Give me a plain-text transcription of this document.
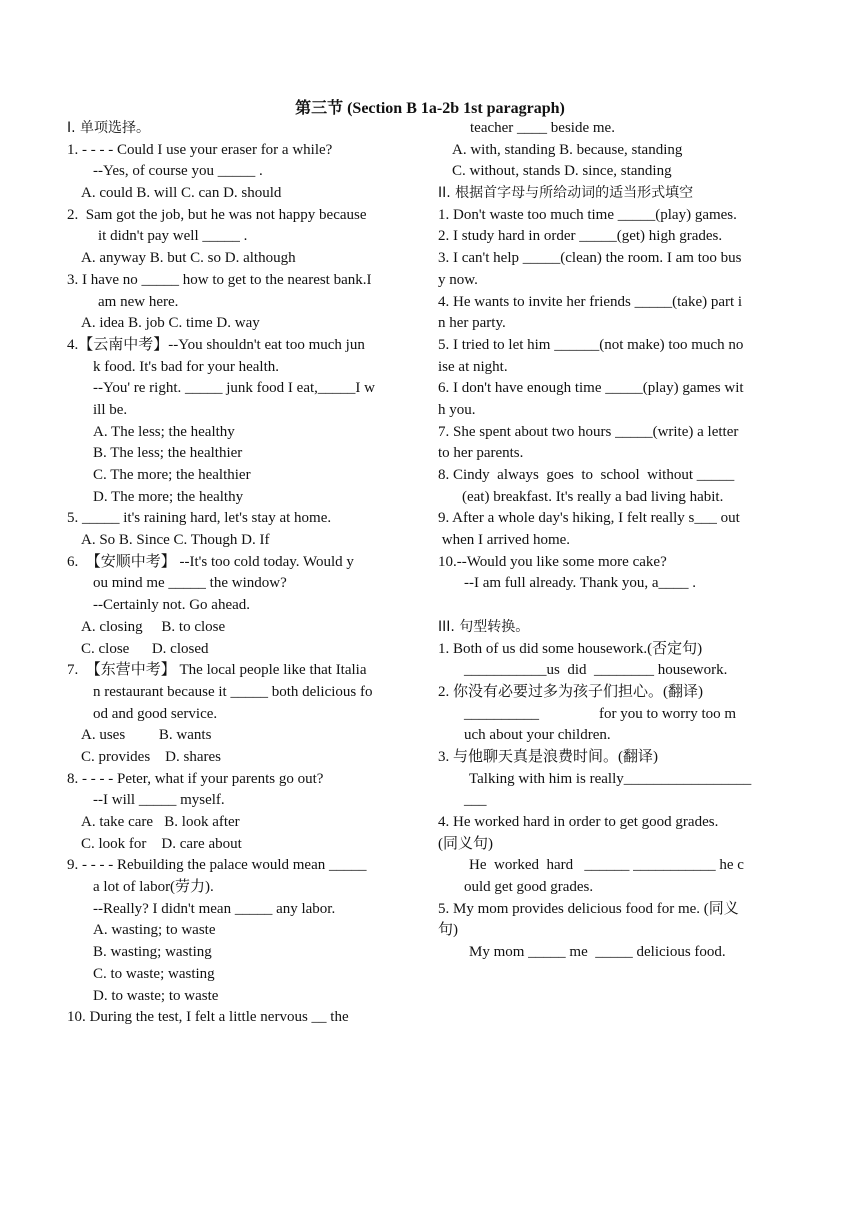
第三节 (Section B 1a-2b 1st paragraph)
I. 单项选择。
1. - - - - Could I use your eraser for a while?
--Yes, of course you _____ .
A. could B. will C. can D. should
2.  Sam got the job, but he was not happy because
it didn't pay well _____ .
A. anyway B. but C. so D. although
3. I have no _____ how to get to the nearest bank.I
am new here.
A. idea B. job C. time D. way
4.【云南中考】--You shouldn't eat too much jun
k food. It's bad for your health.
--You' re right. _____ junk food I eat,_____I w
ill be.
A. The less; the healthy
B. The less; the healthier
C. The more; the healthier
D. The more; the healthy
5. _____ it's raining hard, let's stay at home.
A. So B. Since C. Though D. If
6.  【安顺中考】 --It's too cold today. Would y
ou mind me _____ the window?
--Certainly not. Go ahead.
A. closing     B. to close
C. close      D. closed
7.  【东营中考】 The local people like that Italia
n restaurant because it _____ both delicious fo
od and good service.
A. uses         B. wants
C. provides    D. shares
8. - - - - Peter, what if your parents go out?
--I will _____ myself.
A. take care   B. look after
C. look for    D. care about
9. - - - - Rebuilding the palace would mean _____
a lot of labor(劳力).
--Really? I didn't mean _____ any labor.
A. wasting; to waste
B. wasting; wasting
C. to waste; wasting
D. to waste; to waste
10. During the test, I felt a little nervous __ the
teacher ____ beside me.
A. with, standing B. because, standing
C. without, stands D. since, standing
II. 根据首字母与所给动词的适当形式填空
1. Don't waste too much time _____(play) games.
2. I study hard in order _____(get) high grades.
3. I can't help _____(clean) the room. I am too bus
y now.
4. He wants to invite her friends _____(take) part i
n her party.
5. I tried to let him ______(not make) too much no
ise at night.
6. I don't have enough time _____(play) games wit
h you.
7. She spent about two hours _____(write) a letter
to her parents.
8. Cindy  always  goes  to  school  without _____
(eat) breakfast. It's really a bad living habit.
9. After a whole day's hiking, I felt really s___ out
when I arrived home.
10.--Would you like some more cake?
--I am full already. Thank you, a____ .
III. 句型转换。
1. Both of us did some housework.(否定句)
___________us  did  ________ housework.
2. 你没有必要过多为孩子们担心。(翻译)
__________                for you to worry too m
uch about your children.
3. 与他聊天真是浪费时间。(翻译)
Talking with him is really_________________
___
4. He worked hard in order to get good grades.
(同义句)
He  worked  hard   ______ ___________ he c
ould get good grades.
5. My mom provides delicious food for me. (同义
句)
My mom _____ me  _____ delicious food.
